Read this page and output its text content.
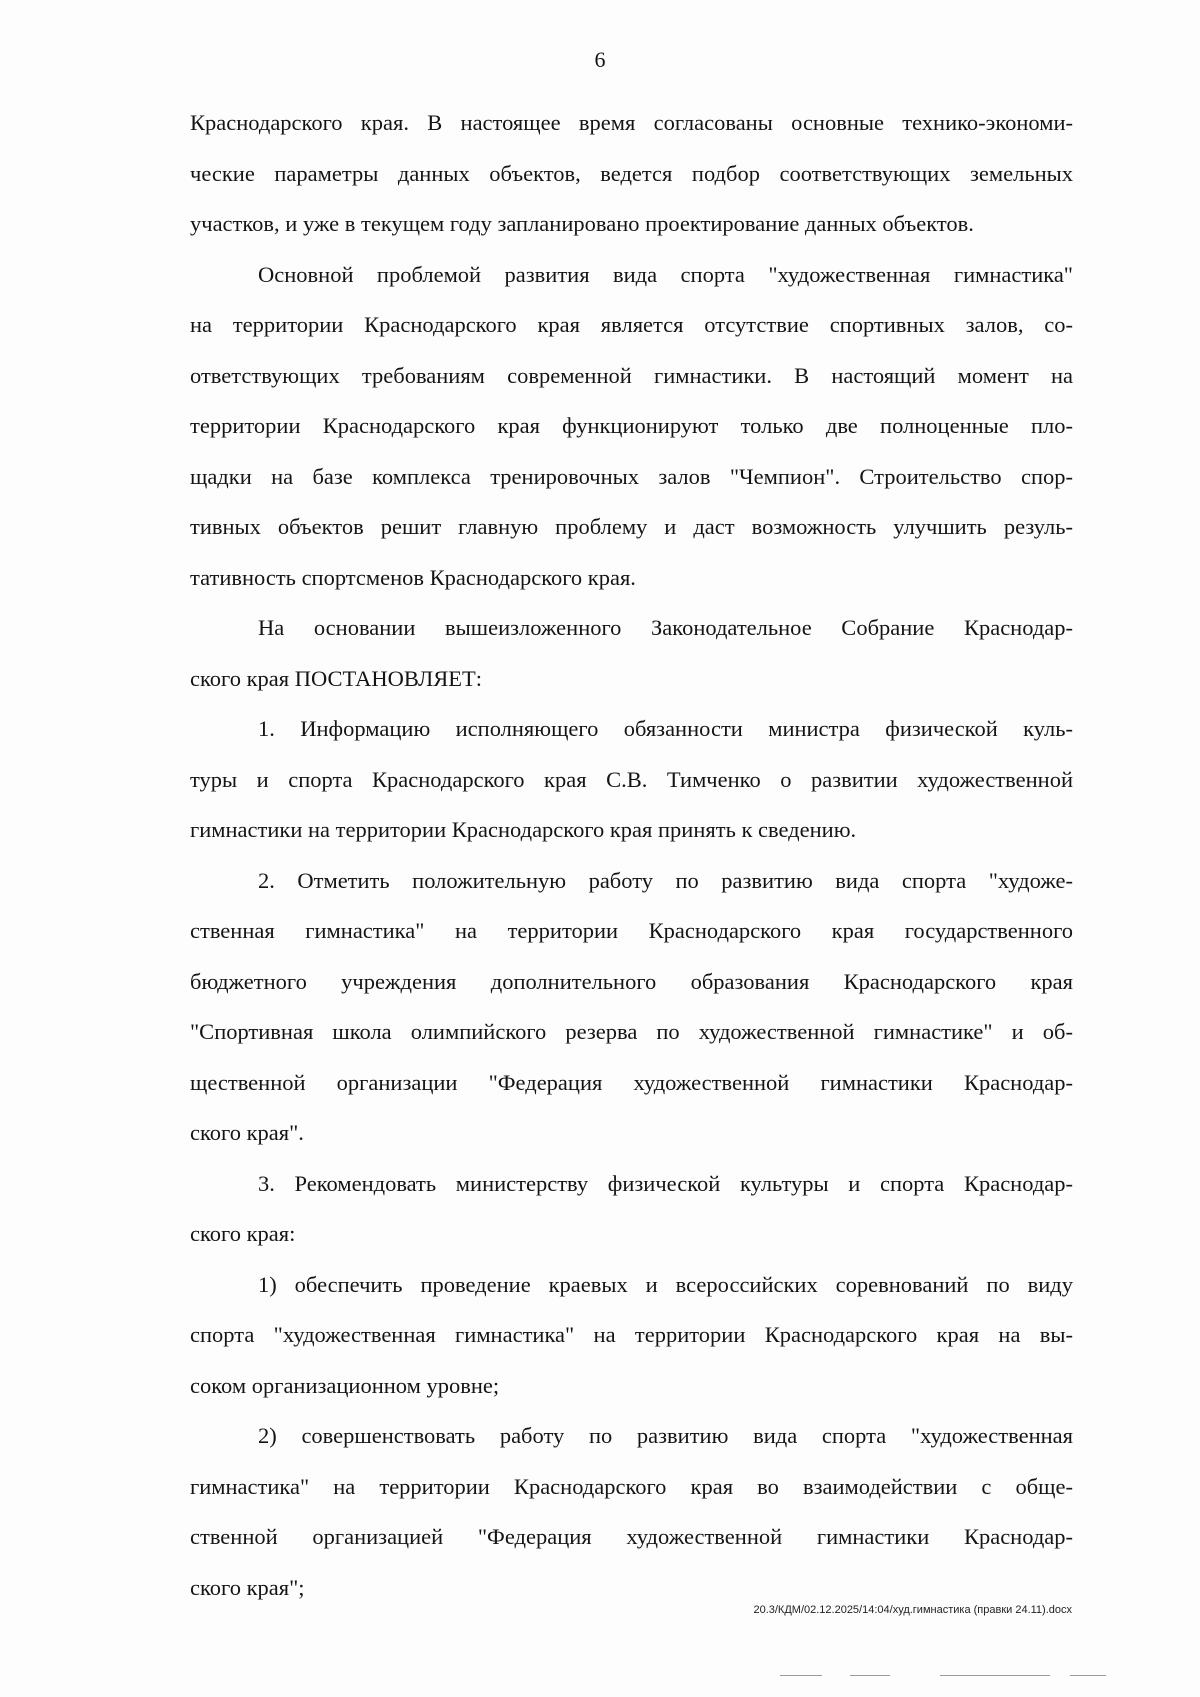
6
Краснодарского края. В настоящее время согласованы основные технико-экономи-
ческие параметры данных объектов, ведется подбор соответствующих земельных
участков, и уже в текущем году запланировано проектирование данных объектов.
Основной проблемой развития вида спорта "художественная гимнастика"
на территории Краснодарского края является отсутствие спортивных залов, со-
ответствующих требованиям современной гимнастики. В настоящий момент на
территории Краснодарского края функционируют только две полноценные пло-
щадки на базе комплекса тренировочных залов "Чемпион". Строительство спор-
тивных объектов решит главную проблему и даст возможность улучшить резуль-
тативность спортсменов Краснодарского края.
На основании вышеизложенного Законодательное Собрание Краснодар-
ского края ПОСТАНОВЛЯЕТ:
1. Информацию исполняющего обязанности министра физической куль-
туры и спорта Краснодарского края С.В. Тимченко о развитии художественной
гимнастики на территории Краснодарского края принять к сведению.
2. Отметить положительную работу по развитию вида спорта "художе-
ственная гимнастика" на территории Краснодарского края государственного
бюджетного учреждения дополнительного образования Краснодарского края
"Спортивная школа олимпийского резерва по художественной гимнастике" и об-
щественной организации "Федерация художественной гимнастики Краснодар-
ского края".
3. Рекомендовать министерству физической культуры и спорта Краснодар-
ского края:
1) обеспечить проведение краевых и всероссийских соревнований по виду
спорта "художественная гимнастика" на территории Краснодарского края на вы-
соком организационном уровне;
2) совершенствовать работу по развитию вида спорта "художественная
гимнастика" на территории Краснодарского края во взаимодействии с обще-
ственной организацией "Федерация художественной гимнастики Краснодар-
ского края";
20.3/КДМ/02.12.2025/14:04/худ.гимнастика (правки 24.11).docx
